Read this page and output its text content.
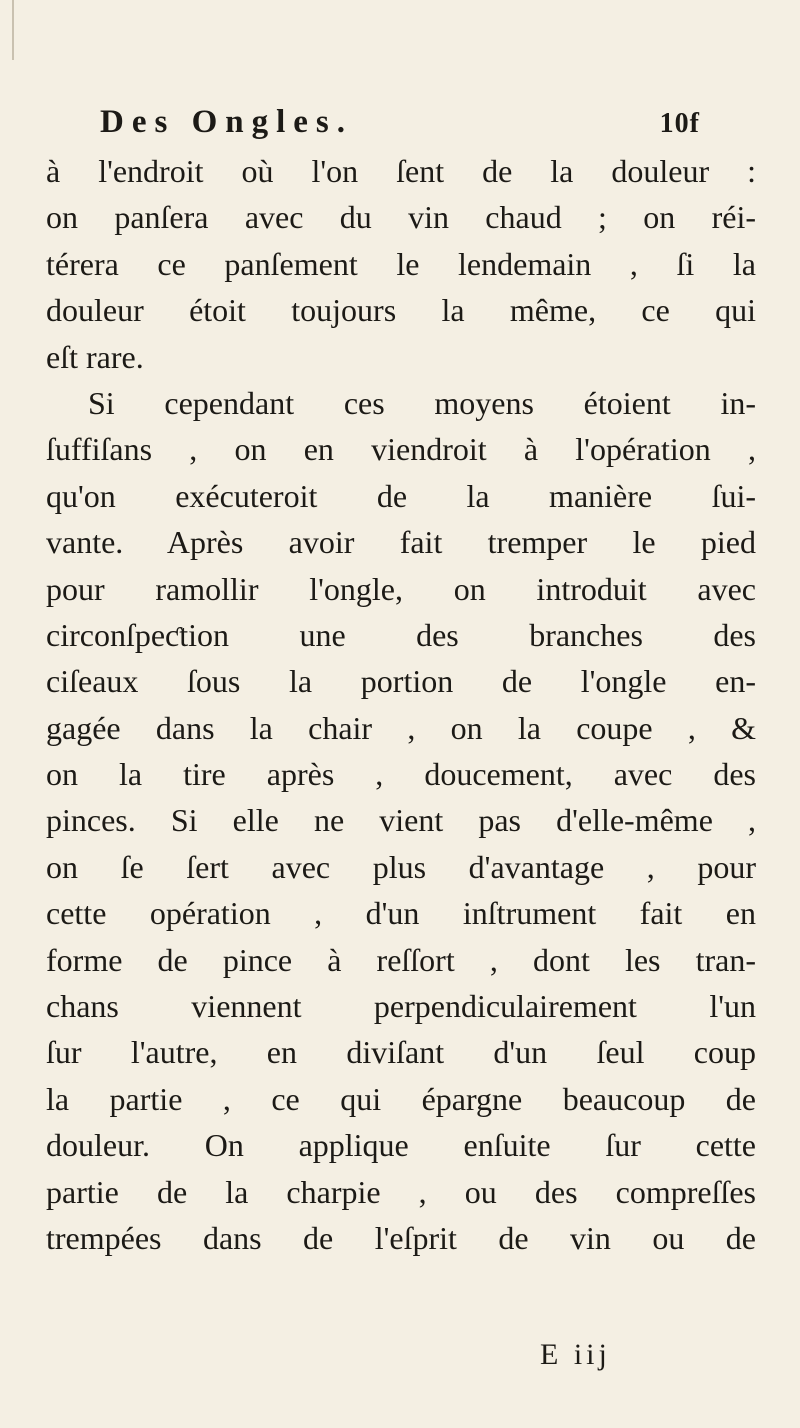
Des Ongles.	10f
à l'endroit où l'on ſent de la douleur :
on panſera avec du vin chaud ; on réi-
térera ce panſement le lendemain , ſi la
douleur étoit toujours la même, ce qui
eſt rare.
Si cependant ces moyens étoient in-
ſuffiſans , on en viendroit à l'opération ,
qu'on exécuteroit de la manière ſui-
vante. Après avoir fait tremper le pied
pour ramollir l'ongle, on introduit avec
circonſpeƈtion une des branches des
ciſeaux ſous la portion de l'ongle en-
gagée dans la chair , on la coupe , &
on la tire après , doucement, avec des
pinces. Si elle ne vient pas d'elle-même ,
on ſe ſert avec plus d'avantage , pour
cette opération , d'un inſtrument fait en
forme de pince à reſſort , dont les tran-
chans viennent perpendiculairement l'un
ſur l'autre, en diviſant d'un ſeul coup
la partie , ce qui épargne beaucoup de
douleur. On applique enſuite ſur cette
partie de la charpie , ou des compreſſes
trempées dans de l'eſprit de vin ou de
E iij
